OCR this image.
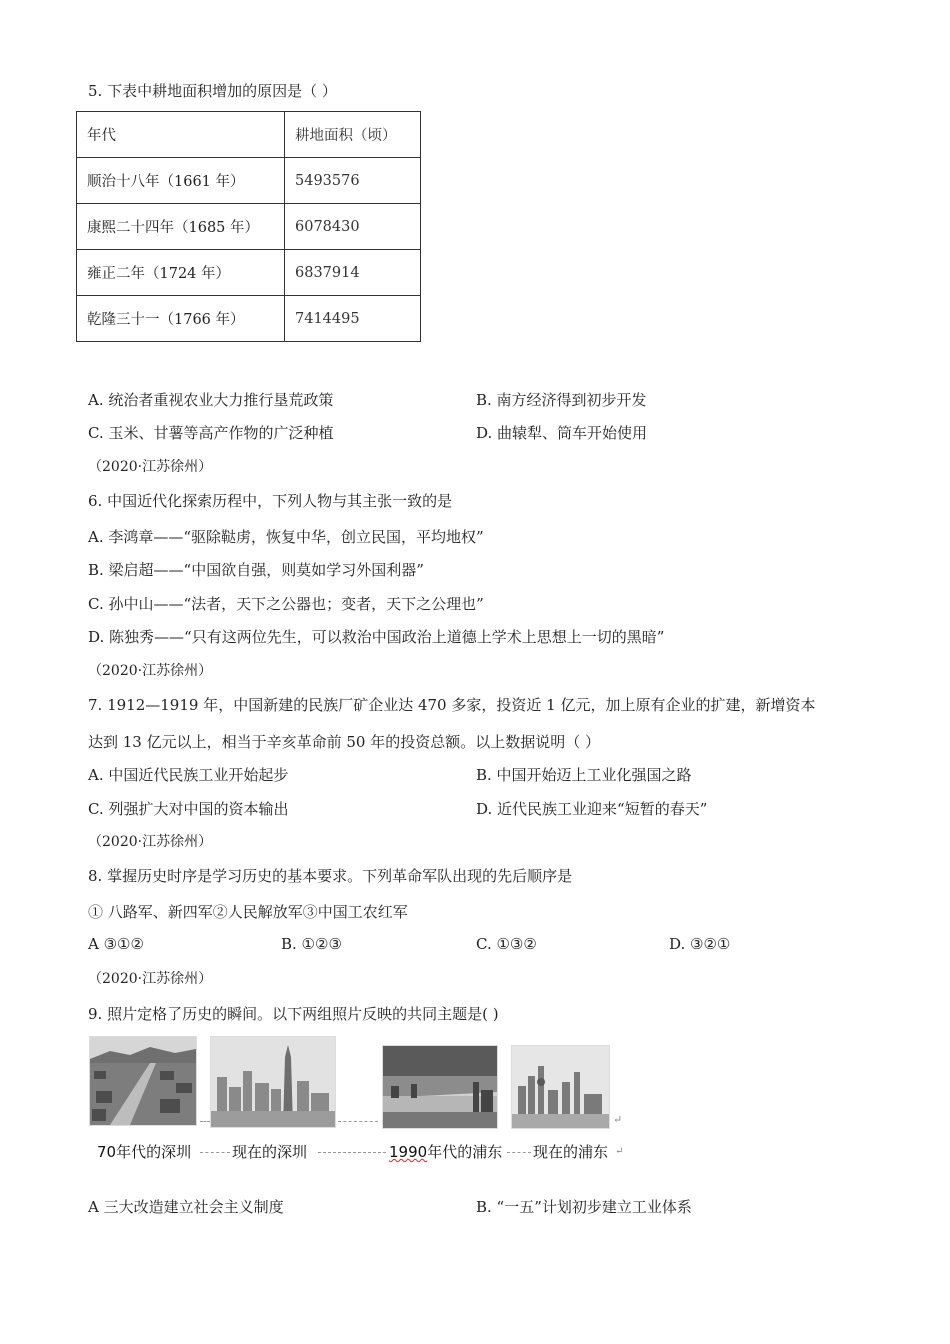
5. 下表中耕地面积增加的原因是（ ）
年代	耕地面积（顷）
顺治十八年（1661 年）	5493576
康熙二十四年（1685 年）	6078430
雍正二年（1724 年）	6837914
乾隆三十一（1766 年）	7414495
A. 统治者重视农业大力推行垦荒政策	B. 南方经济得到初步开发
C. 玉米、甘薯等高产作物的广泛种植	D. 曲辕犁、筒车开始使用
（2020·江苏徐州）
6. 中国近代化探索历程中，下列人物与其主张一致的是
A. 李鸿章——“驱除鞑虏，恢复中华，创立民国，平均地权”
B. 梁启超——“中国欲自强，则莫如学习外国利器”
C. 孙中山——“法者，天下之公器也；变者，天下之公理也”
D. 陈独秀——“只有这两位先生，可以救治中国政治上道德上学术上思想上一切的黑暗”
（2020·江苏徐州）
7. 1912—1919 年，中国新建的民族厂矿企业达 470 多家，投资近 1 亿元，加上原有企业的扩建，新增资本
达到 13 亿元以上，相当于辛亥革命前 50 年的投资总额。以上数据说明（ ）
A. 中国近代民族工业开始起步	B. 中国开始迈上工业化强国之路
C. 列强扩大对中国的资本输出	D. 近代民族工业迎来“短暂的春天”
（2020·江苏徐州）
8. 掌握历史时序是学习历史的基本要求。下列革命军队出现的先后顺序是
① 八路军、新四军②人民解放军③中国工农红军
A ③①②	B. ①②③	C. ①③②	D. ③②①
（2020·江苏徐州）
9. 照片定格了历史的瞬间。以下两组照片反映的共同主题是( )
↵
70年代的深圳	现在的深圳	1990年代的浦东 现在的浦东 ↵
A 三大改造建立社会主义制度	B. “一五”计划初步建立工业体系
